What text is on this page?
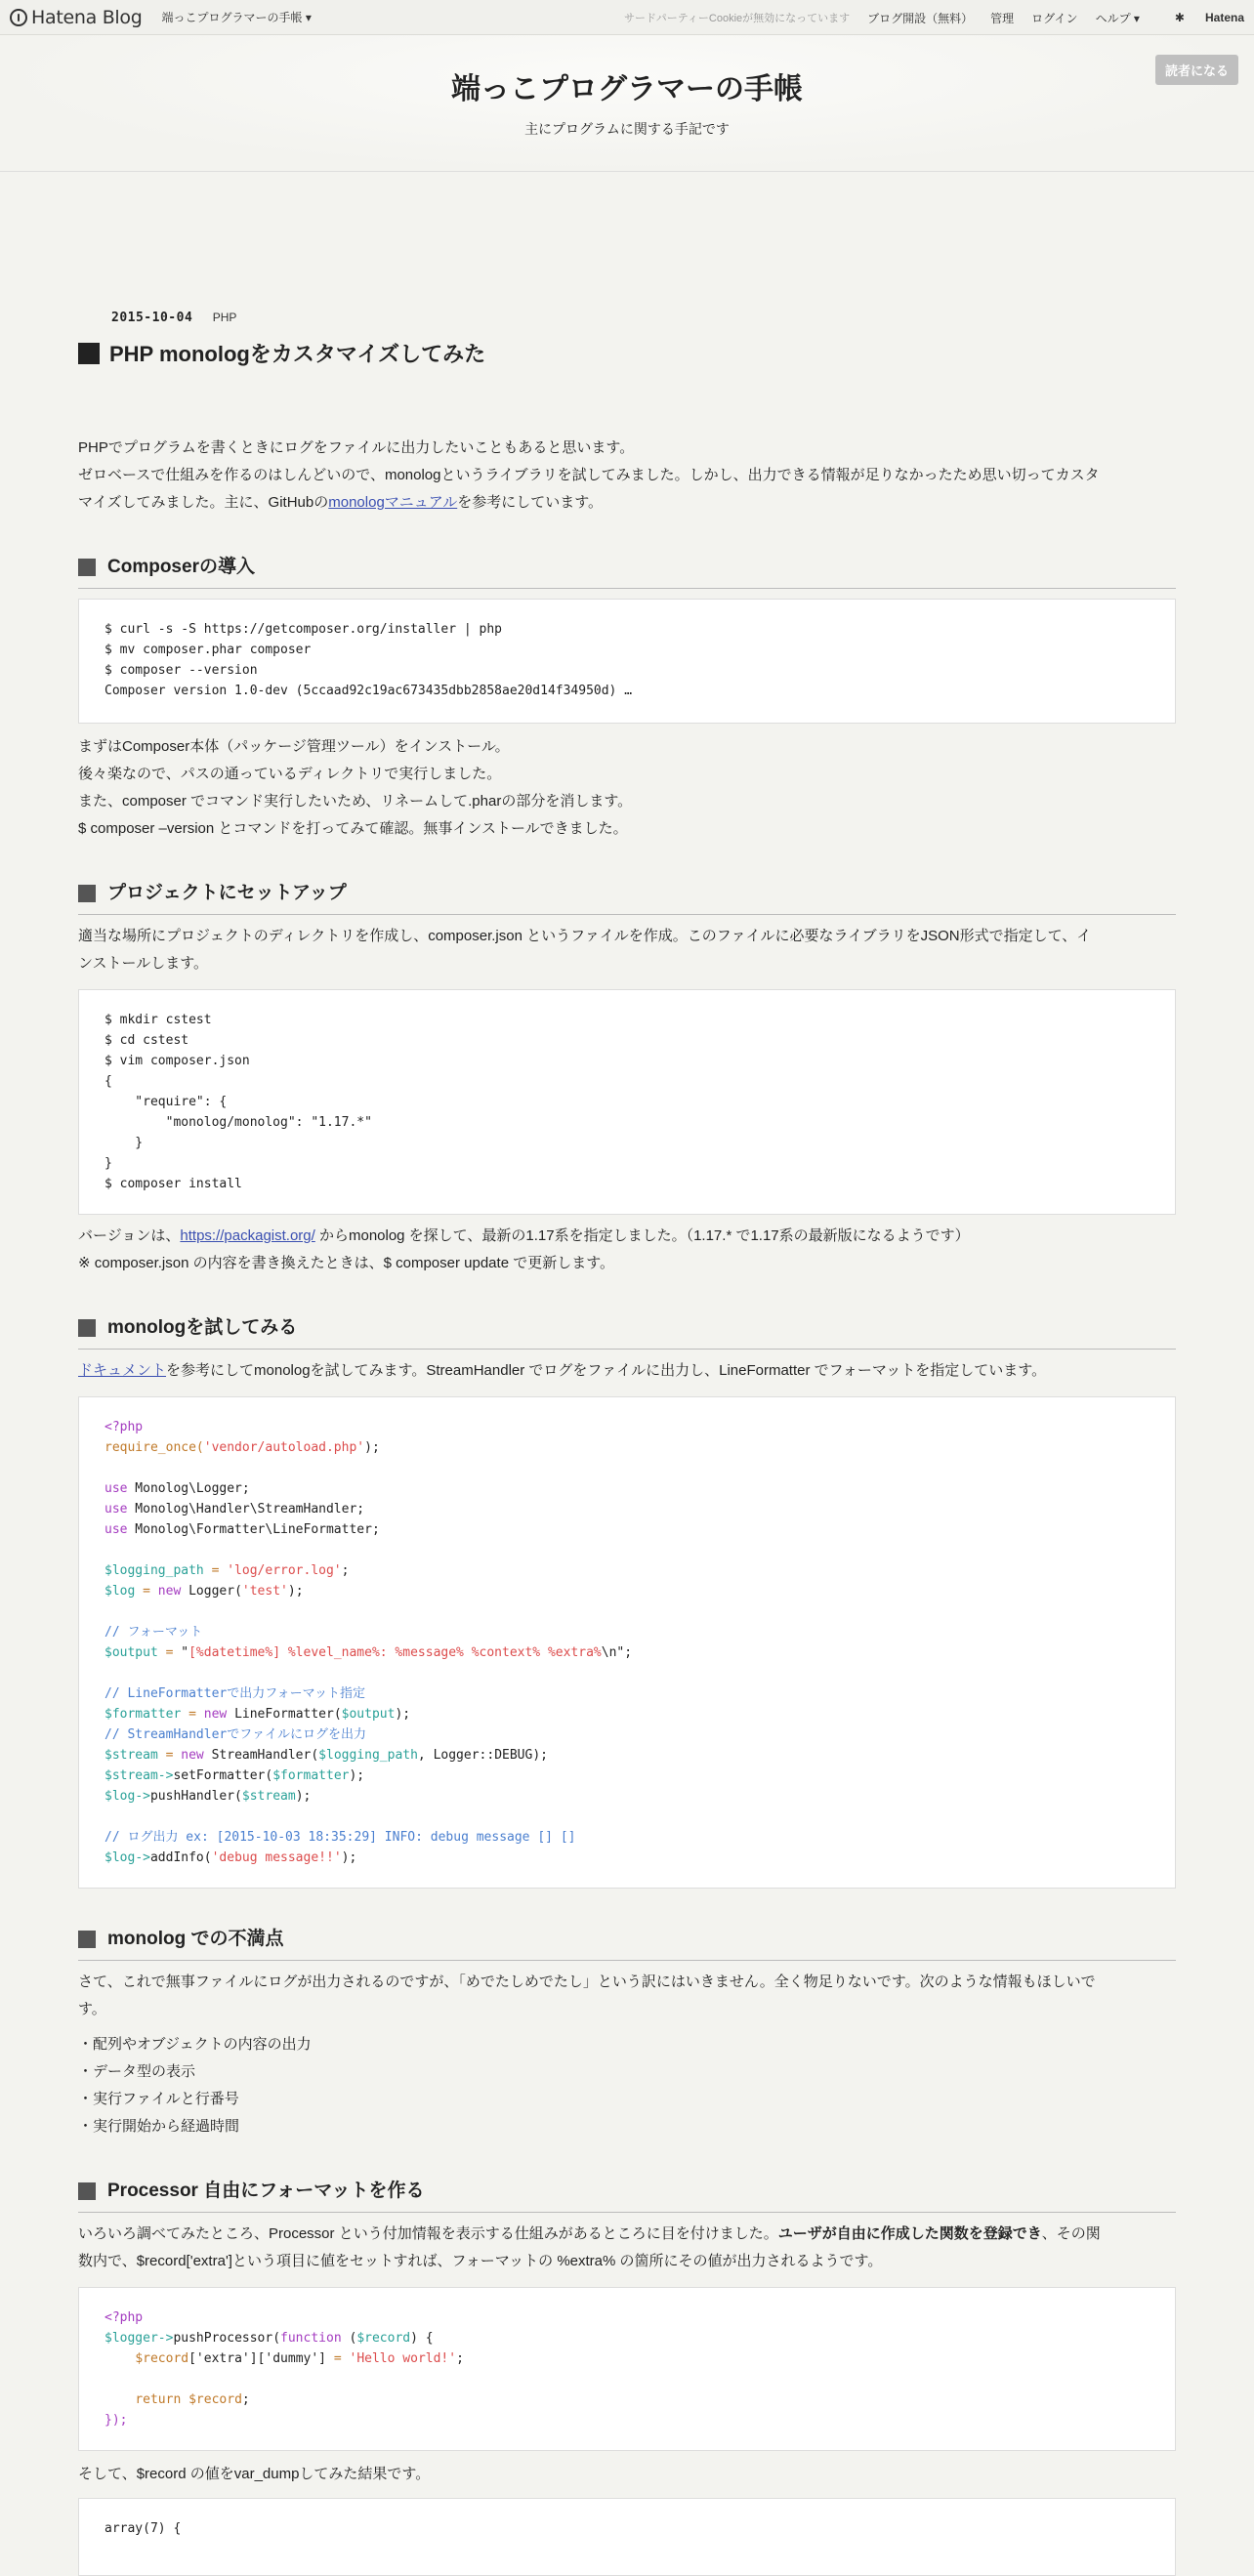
Hatena Blog 端っこプログラマーの手帳 ▾	サードパーティーCookieが無効になっています ブログ開設（無料） 管理 ログイン ヘルプ ▾	✱ Hatena
端っこプログラマーの手帳
主にプログラムに関する手記です
読者になる
2015-10-04 PHP
PHP monologをカスタマイズしてみた

PHPでプログラムを書くときにログをファイルに出力したいこともあると思います。

ゼロベースで仕組みを作るのはしんどいので、monologというライブラリを試してみました。しかし、出力できる情報が足りなかったため思い切ってカスタ

マイズしてみました。主に、GitHubのmonologマニュアルを参考にしています。

Composerの導入
$ curl -s -S https://getcomposer.org/installer | php
$ mv composer.phar composer
$ composer --version
Composer version 1.0-dev (5ccaad92c19ac673435dbb2858ae20d14f34950d) …

まずはComposer本体（パッケージ管理ツール）をインストール。

後々楽なので、パスの通っているディレクトリで実行しました。

また、composer でコマンド実行したいため、リネームして.pharの部分を消します。

$ composer –version とコマンドを打ってみて確認。無事インストールできました。

プロジェクトにセットアップ

適当な場所にプロジェクトのディレクトリを作成し、composer.json というファイルを作成。このファイルに必要なライブラリをJSON形式で指定して、イ

ンストールします。

$ mkdir cstest
$ cd cstest
$ vim composer.json
{
"require": {
"monolog/monolog": "1.17.*"
}
}
$ composer install

バージョンは、https://packagist.org/ からmonolog を探して、最新の1.17系を指定しました。（1.17.* で1.17系の最新版になるようです）

※ composer.json の内容を書き換えたときは、$ composer update で更新します。

monologを試してみる

ドキュメントを参考にしてmonologを試してみます。StreamHandler でログをファイルに出力し、LineFormatter でフォーマットを指定しています。

<?php
require_once('vendor/autoload.php');

use Monolog\Logger;
use Monolog\Handler\StreamHandler;
use Monolog\Formatter\LineFormatter;

$logging_path = 'log/error.log';
$log = new Logger('test');

// フォーマット
$output = "[%datetime%] %level_name%: %message% %context% %extra%\n";

// LineFormatterで出力フォーマット指定
$formatter = new LineFormatter($output);
// StreamHandlerでファイルにログを出力
$stream = new StreamHandler($logging_path, Logger::DEBUG);
$stream->setFormatter($formatter);
$log->pushHandler($stream);

// ログ出力 ex: [2015-10-03 18:35:29] INFO: debug message [] []
$log->addInfo('debug message!!');
monolog での不満点

さて、これで無事ファイルにログが出力されるのですが、「めでたしめでたし」という訳にはいきません。全く物足りないです。次のような情報もほしいで

す。

・配列やオブジェクトの内容の出力
・データ型の表示
・実行ファイルと行番号
・実行開始から経過時間
Processor 自由にフォーマットを作る

いろいろ調べてみたところ、Processor という付加情報を表示する仕組みがあるところに目を付けました。ユーザが自由に作成した関数を登録でき、その関

数内で、$record['extra']という項目に値をセットすれば、フォーマットの %extra% の箇所にその値が出力されるようです。

<?php
$logger->pushProcessor(function ($record) {
$record['extra']['dummy'] = 'Hello world!';

return $record;
});

そして、$record の値をvar_dumpしてみた結果です。

array(7) {
